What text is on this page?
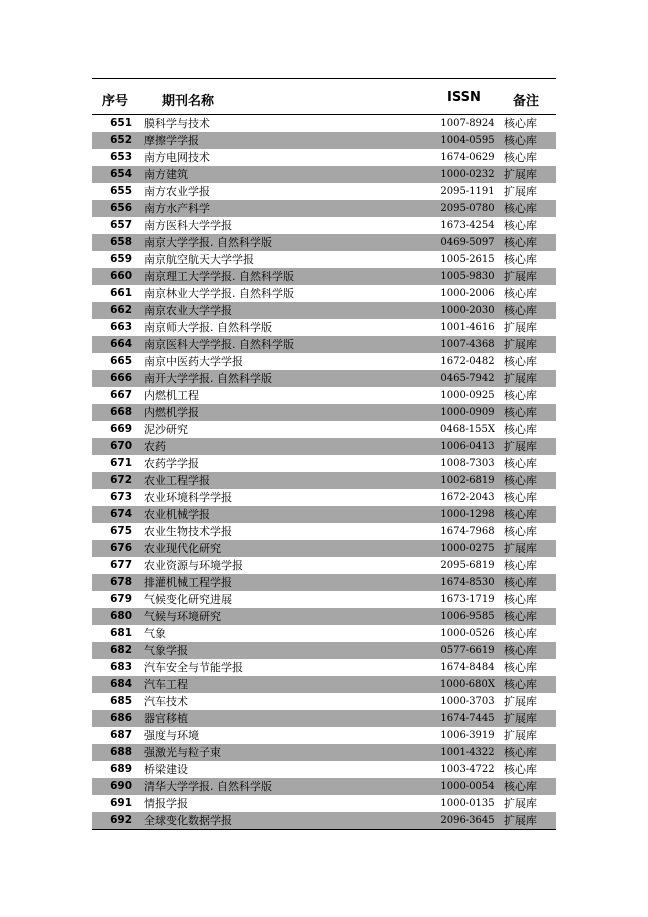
序号	期刊名称	ISSN 备注
651 膜科学与技术	1007-8924 核心库
652 摩擦学学报	1004-0595 核心库
653 南方电网技术	1674-0629 核心库
654 南方建筑	1000-0232 扩展库
655 南方农业学报	2095-1191 扩展库
656 南方水产科学	2095-0780 核心库
657 南方医科大学学报	1673-4254 核心库
658 南京大学学报. 自然科学版	0469-5097 核心库
659 南京航空航天大学学报	1005-2615 核心库
660 南京理工大学学报. 自然科学版	1005-9830 扩展库
661 南京林业大学学报. 自然科学版	1000-2006 核心库
662 南京农业大学学报	1000-2030 核心库
663 南京师大学报. 自然科学版	1001-4616 扩展库
664 南京医科大学学报. 自然科学版	1007-4368 扩展库
665 南京中医药大学学报	1672-0482 核心库
666 南开大学学报. 自然科学版	0465-7942 扩展库
667 内燃机工程	1000-0925 核心库
668 内燃机学报	1000-0909 核心库
669 泥沙研究	0468-155X 核心库
670 农药	1006-0413 扩展库
671 农药学学报	1008-7303 核心库
672 农业工程学报	1002-6819 核心库
673 农业环境科学学报	1672-2043 核心库
674 农业机械学报	1000-1298 核心库
675 农业生物技术学报	1674-7968 核心库
676 农业现代化研究	1000-0275 扩展库
677 农业资源与环境学报	2095-6819 核心库
678 排灌机械工程学报	1674-8530 核心库
679 气候变化研究进展	1673-1719 核心库
680 气候与环境研究	1006-9585 核心库
681 气象	1000-0526 核心库
682 气象学报	0577-6619 核心库
683 汽车安全与节能学报	1674-8484 核心库
684 汽车工程	1000-680X 核心库
685 汽车技术	1000-3703 扩展库
686 器官移植	1674-7445 扩展库
687 强度与环境	1006-3919 扩展库
688 强激光与粒子束	1001-4322 核心库
689 桥梁建设	1003-4722 核心库
690 清华大学学报. 自然科学版	1000-0054 核心库
691 情报学报	1000-0135 扩展库
692 全球变化数据学报	2096-3645 扩展库
